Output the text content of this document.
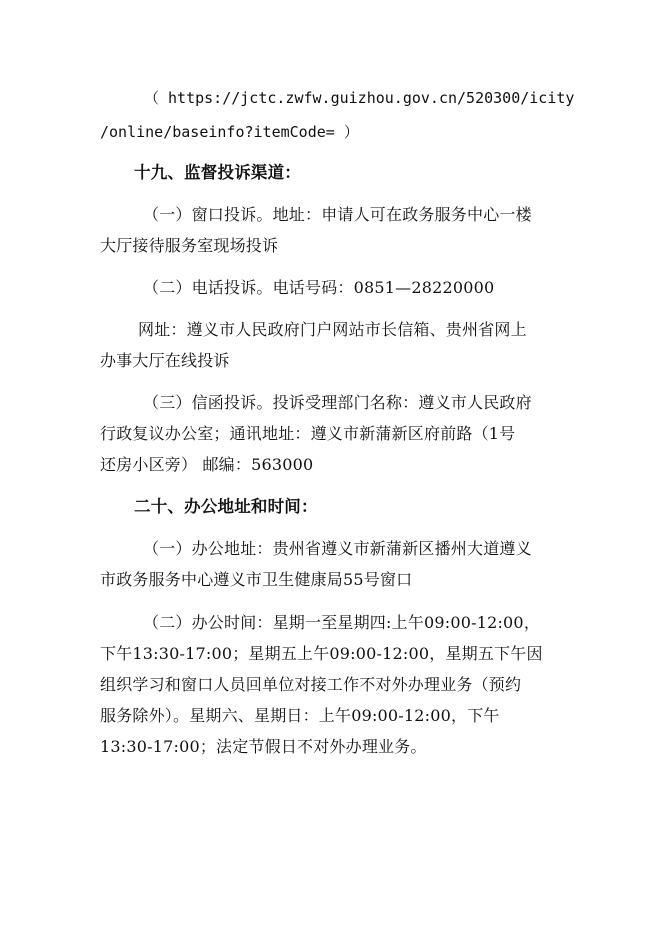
（ https://jctc.zwfw.guizhou.gov.cn/520300/icity
/online/baseinfo?itemCode= ）
十九、监督投诉渠道：
（一）窗口投诉。地址：申请人可在政务服务中心一楼
大厅接待服务室现场投诉
（二）电话投诉。电话号码：0851—28220000
网址：遵义市人民政府门户网站市长信箱、贵州省网上
办事大厅在线投诉
（三）信函投诉。投诉受理部门名称：遵义市人民政府
行政复议办公室；通讯地址：遵义市新蒲新区府前路（1号
还房小区旁） 邮编：563000
二十、办公地址和时间：
（一）办公地址：贵州省遵义市新蒲新区播州大道遵义
市政务服务中心遵义市卫生健康局55号窗口
（二）办公时间：星期一至星期四:上午09:00-12:00，
下午13:30-17:00；星期五上午09:00-12:00，星期五下午因
组织学习和窗口人员回单位对接工作不对外办理业务（预约
服务除外）。星期六、星期日：上午09:00-12:00，下午
13:30-17:00；法定节假日不对外办理业务。
